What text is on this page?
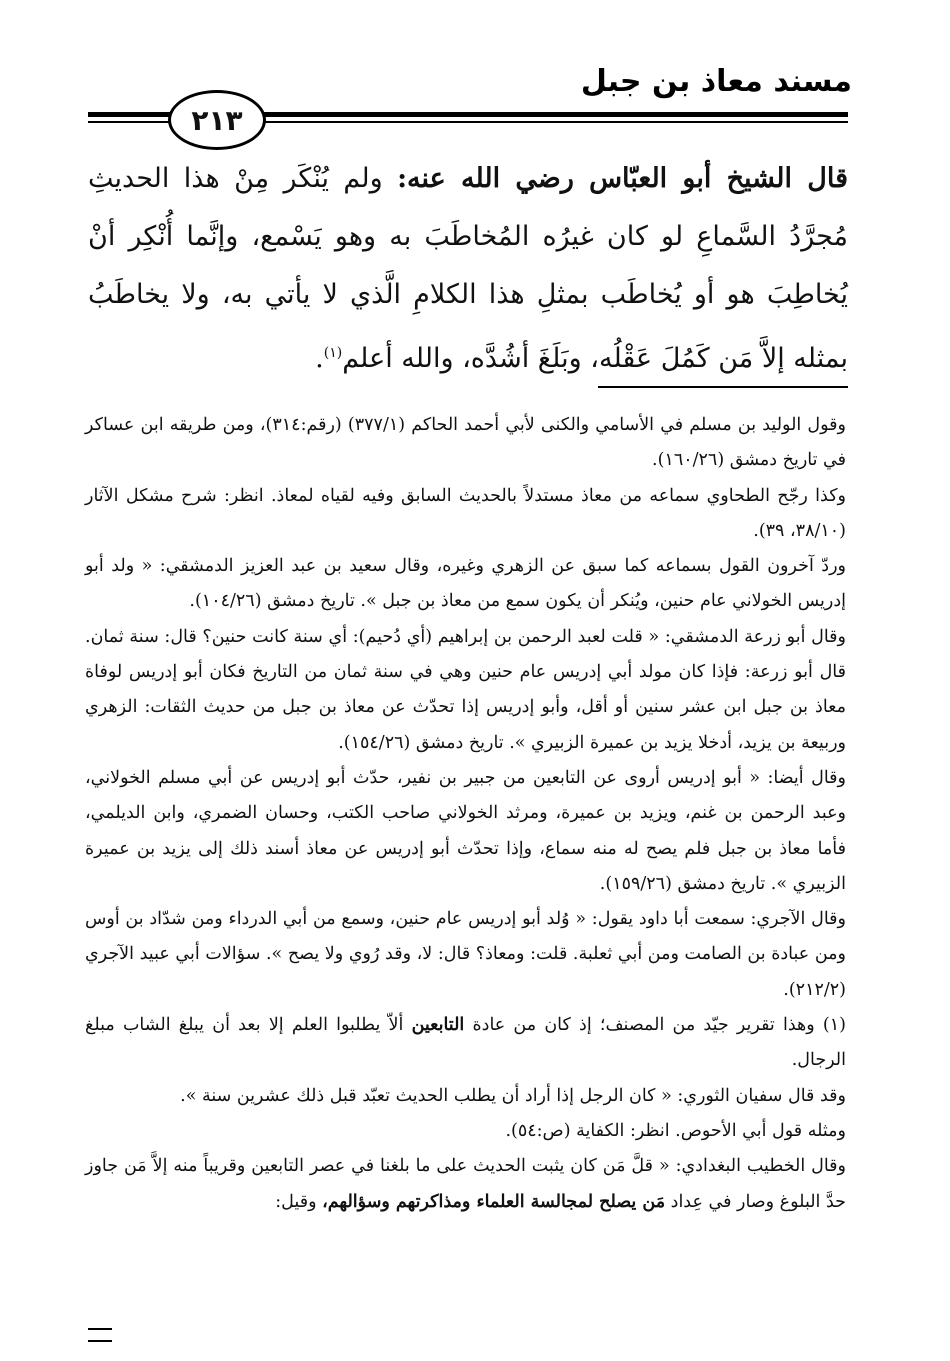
مسند معاذ بن جبل
٢١٣
قال الشيخ أبو العبّاس رضي الله عنه: ولم يُنْكَر مِنْ هذا الحديثِ مُجرَّدُ السَّماعِ لو كان غيرُه المُخاطَبَ به وهو يَسْمع، وإنَّما أُنْكِر أنْ يُخاطِبَ هو أو يُخاطَب بمثلِ هذا الكلامِ الَّذي لا يأتي به، ولا يخاطَبُ بمثله إلاَّ مَن كَمُلَ عَقْلُه، وبَلَغَ أشُدَّه، والله أعلم$^{(١)}$.

وقول الوليد بن مسلم في الأسامي والكنى لأبي أحمد الحاكم (٣٧٧/١) (رقم:٣١٤)، ومن طريقه ابن عساكر في تاريخ دمشق (١٦٠/٢٦).

وكذا رجّح الطحاوي سماعه من معاذ مستدلاً بالحديث السابق وفيه لقياه لمعاذ. انظر: شرح مشكل الآثار (٣٨/١٠، ٣٩).

وردّ آخرون القول بسماعه كما سبق عن الزهري وغيره، وقال سعيد بن عبد العزيز الدمشقي: « ولد أبو إدريس الخولاني عام حنين، ويُنكر أن يكون سمع من معاذ بن جبل ». تاريخ دمشق (١٠٤/٢٦).

وقال أبو زرعة الدمشقي: « قلت لعبد الرحمن بن إبراهيم (أي دُحيم): أي سنة كانت حنين؟ قال: سنة ثمان. قال أبو زرعة: فإذا كان مولد أبي إدريس عام حنين وهي في سنة ثمان من التاريخ فكان أبو إدريس لوفاة معاذ بن جبل ابن عشر سنين أو أقل، وأبو إدريس إذا تحدّث عن معاذ بن جبل من حديث الثقات: الزهري وربيعة بن يزيد، أدخلا يزيد بن عميرة الزبيري ». تاريخ دمشق (١٥٤/٢٦).

وقال أيضا: « أبو إدريس أروى عن التابعين من جبير بن نفير، حدّث أبو إدريس عن أبي مسلم الخولاني، وعبد الرحمن بن غنم، ويزيد بن عميرة، ومرثد الخولاني صاحب الكتب، وحسان الضمري، وابن الديلمي، فأما معاذ بن جبل فلم يصح له منه سماع، وإذا تحدّث أبو إدريس عن معاذ أسند ذلك إلى يزيد بن عميرة الزبيري ». تاريخ دمشق (١٥٩/٢٦).

وقال الآجري: سمعت أبا داود يقول: « وُلد أبو إدريس عام حنين، وسمع من أبي الدرداء ومن شدّاد بن أوس ومن عبادة بن الصامت ومن أبي ثعلبة. قلت: ومعاذ؟ قال: لا، وقد رُوي ولا يصح ». سؤالات أبي عبيد الآجري (٢١٢/٢).

(١) وهذا تقرير جيّد من المصنف؛ إذ كان من عادة التابعين ألاّ يطلبوا العلم إلا بعد أن يبلغ الشاب مبلغ الرجال.

وقد قال سفيان الثوري: « كان الرجل إذا أراد أن يطلب الحديث تعبّد قبل ذلك عشرين سنة ».

ومثله قول أبي الأحوص. انظر: الكفاية (ص:٥٤).

وقال الخطيب البغدادي: « قلَّ مَن كان يثبت الحديث على ما بلغنا في عصر التابعين وقريباً منه إلاَّ مَن جاوز حدَّ البلوغ وصار في عِداد مَن يصلح لمجالسة العلماء ومذاكرتهم وسؤالهم، وقيل:
